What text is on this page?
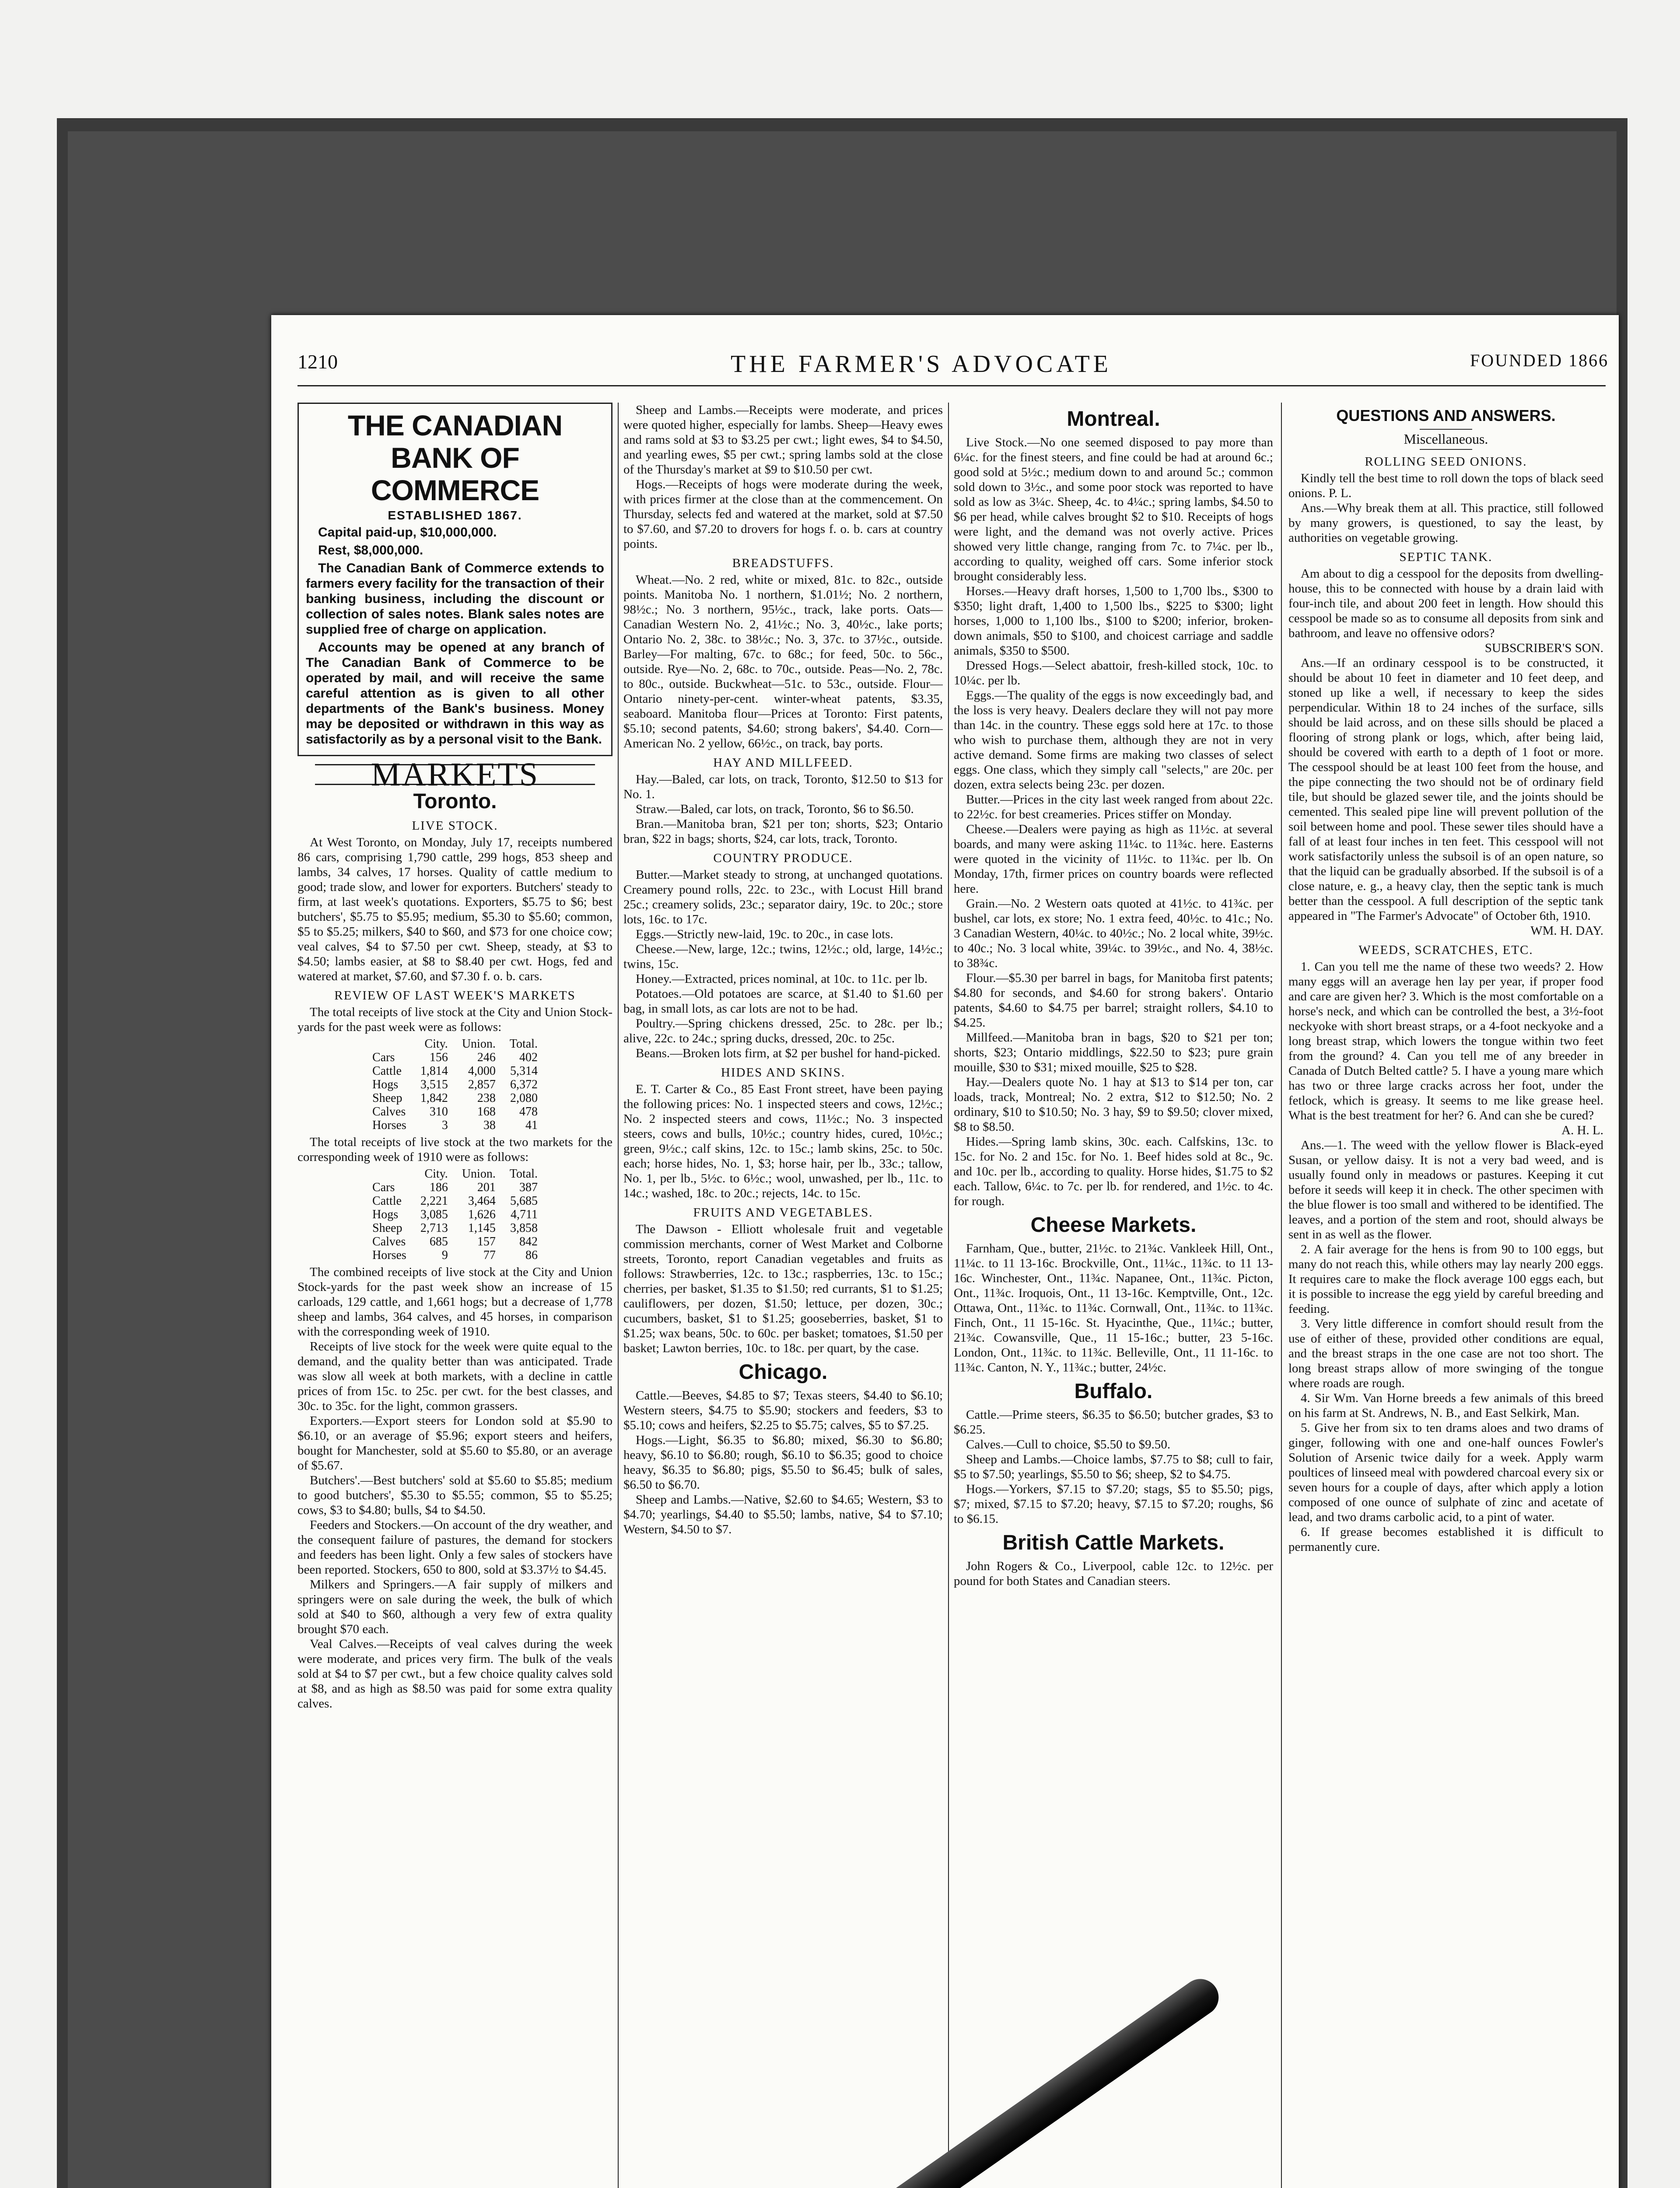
1210	THE FARMER'S ADVOCATE	FOUNDED 1866
THE CANADIAN BANK OF COMMERCE
ESTABLISHED 1867.

Capital paid-up, $10,000,000.

Rest, $8,000,000.

The Canadian Bank of Commerce extends to farmers every facility for the transaction of their banking business, including the discount or collection of sales notes. Blank sales notes are supplied free of charge on application.

Accounts may be opened at any branch of The Canadian Bank of Commerce to be operated by mail, and will receive the same careful attention as is given to all other departments of the Bank's business. Money may be deposited or withdrawn in this way as satisfactorily as by a personal visit to the Bank.

MARKETS
Toronto.
LIVE STOCK.

At West Toronto, on Monday, July 17, receipts numbered 86 cars, comprising 1,790 cattle, 299 hogs, 853 sheep and lambs, 34 calves, 17 horses. Quality of cattle medium to good; trade slow, and lower for exporters. Butchers' steady to firm, at last week's quotations. Exporters, $5.75 to $6; best butchers', $5.75 to $5.95; medium, $5.30 to $5.60; common, $5 to $5.25; milkers, $40 to $60, and $73 for one choice cow; veal calves, $4 to $7.50 per cwt. Sheep, steady, at $3 to $4.50; lambs easier, at $8 to $8.40 per cwt. Hogs, fed and watered at market, $7.60, and $7.30 f. o. b. cars.

REVIEW OF LAST WEEK'S MARKETS

The total receipts of live stock at the City and Union Stock-yards for the past week were as follows:

	City.	Union.	Total.
Cars	156	246	402
Cattle	1,814	4,000	5,314
Hogs	3,515	2,857	6,372
Sheep	1,842	238	2,080
Calves	310	168	478
Horses	3	38	41

The total receipts of live stock at the two markets for the corresponding week of 1910 were as follows:

	City.	Union.	Total.
Cars	186	201	387
Cattle	2,221	3,464	5,685
Hogs	3,085	1,626	4,711
Sheep	2,713	1,145	3,858
Calves	685	157	842
Horses	9	77	86

The combined receipts of live stock at the City and Union Stock-yards for the past week show an increase of 15 carloads, 129 cattle, and 1,661 hogs; but a decrease of 1,778 sheep and lambs, 364 calves, and 45 horses, in comparison with the corresponding week of 1910.

Receipts of live stock for the week were quite equal to the demand, and the quality better than was anticipated. Trade was slow all week at both markets, with a decline in cattle prices of from 15c. to 25c. per cwt. for the best classes, and 30c. to 35c. for the light, common grassers.

Exporters.—Export steers for London sold at $5.90 to $6.10, or an average of $5.96; export steers and heifers, bought for Manchester, sold at $5.60 to $5.80, or an average of $5.67.

Butchers'.—Best butchers' sold at $5.60 to $5.85; medium to good butchers', $5.30 to $5.55; common, $5 to $5.25; cows, $3 to $4.80; bulls, $4 to $4.50.

Feeders and Stockers.—On account of the dry weather, and the consequent failure of pastures, the demand for stockers and feeders has been light. Only a few sales of stockers have been reported. Stockers, 650 to 800, sold at $3.37½ to $4.45.

Milkers and Springers.—A fair supply of milkers and springers were on sale during the week, the bulk of which sold at $40 to $60, although a very few of extra quality brought $70 each.

Veal Calves.—Receipts of veal calves during the week were moderate, and prices very firm. The bulk of the veals sold at $4 to $7 per cwt., but a few choice quality calves sold at $8, and as high as $8.50 was paid for some extra quality calves.

Sheep and Lambs.—Receipts were moderate, and prices were quoted higher, especially for lambs. Sheep—Heavy ewes and rams sold at $3 to $3.25 per cwt.; light ewes, $4 to $4.50, and yearling ewes, $5 per cwt.; spring lambs sold at the close of the Thursday's market at $9 to $10.50 per cwt.

Hogs.—Receipts of hogs were moderate during the week, with prices firmer at the close than at the commencement. On Thursday, selects fed and watered at the market, sold at $7.50 to $7.60, and $7.20 to drovers for hogs f. o. b. cars at country points.

BREADSTUFFS.

Wheat.—No. 2 red, white or mixed, 81c. to 82c., outside points. Manitoba No. 1 northern, $1.01½; No. 2 northern, 98½c.; No. 3 northern, 95½c., track, lake ports. Oats—Canadian Western No. 2, 41½c.; No. 3, 40½c., lake ports; Ontario No. 2, 38c. to 38½c.; No. 3, 37c. to 37½c., outside. Barley—For malting, 67c. to 68c.; for feed, 50c. to 56c., outside. Rye—No. 2, 68c. to 70c., outside. Peas—No. 2, 78c. to 80c., outside. Buckwheat—51c. to 53c., outside. Flour—Ontario ninety-per-cent. winter-wheat patents, $3.35, seaboard. Manitoba flour—Prices at Toronto: First patents, $5.10; second patents, $4.60; strong bakers', $4.40. Corn—American No. 2 yellow, 66½c., on track, bay ports.

HAY AND MILLFEED.

Hay.—Baled, car lots, on track, Toronto, $12.50 to $13 for No. 1.

Straw.—Baled, car lots, on track, Toronto, $6 to $6.50.

Bran.—Manitoba bran, $21 per ton; shorts, $23; Ontario bran, $22 in bags; shorts, $24, car lots, track, Toronto.

COUNTRY PRODUCE.

Butter.—Market steady to strong, at unchanged quotations. Creamery pound rolls, 22c. to 23c., with Locust Hill brand 25c.; creamery solids, 23c.; separator dairy, 19c. to 20c.; store lots, 16c. to 17c.

Eggs.—Strictly new-laid, 19c. to 20c., in case lots.

Cheese.—New, large, 12c.; twins, 12½c.; old, large, 14½c.; twins, 15c.

Honey.—Extracted, prices nominal, at 10c. to 11c. per lb.

Potatoes.—Old potatoes are scarce, at $1.40 to $1.60 per bag, in small lots, as car lots are not to be had.

Poultry.—Spring chickens dressed, 25c. to 28c. per lb.; alive, 22c. to 24c.; spring ducks, dressed, 20c. to 25c.

Beans.—Broken lots firm, at $2 per bushel for hand-picked.

HIDES AND SKINS.

E. T. Carter & Co., 85 East Front street, have been paying the following prices: No. 1 inspected steers and cows, 12½c.; No. 2 inspected steers and cows, 11½c.; No. 3 inspected steers, cows and bulls, 10½c.; country hides, cured, 10½c.; green, 9½c.; calf skins, 12c. to 15c.; lamb skins, 25c. to 50c. each; horse hides, No. 1, $3; horse hair, per lb., 33c.; tallow, No. 1, per lb., 5½c. to 6½c.; wool, unwashed, per lb., 11c. to 14c.; washed, 18c. to 20c.; rejects, 14c. to 15c.

FRUITS AND VEGETABLES.

The Dawson - Elliott wholesale fruit and vegetable commission merchants, corner of West Market and Colborne streets, Toronto, report Canadian vegetables and fruits as follows: Strawberries, 12c. to 13c.; raspberries, 13c. to 15c.; cherries, per basket, $1.35 to $1.50; red currants, $1 to $1.25; cauliflowers, per dozen, $1.50; lettuce, per dozen, 30c.; cucumbers, basket, $1 to $1.25; gooseberries, basket, $1 to $1.25; wax beans, 50c. to 60c. per basket; tomatoes, $1.50 per basket; Lawton berries, 10c. to 18c. per quart, by the case.

Chicago.

Cattle.—Beeves, $4.85 to $7; Texas steers, $4.40 to $6.10; Western steers, $4.75 to $5.90; stockers and feeders, $3 to $5.10; cows and heifers, $2.25 to $5.75; calves, $5 to $7.25.

Hogs.—Light, $6.35 to $6.80; mixed, $6.30 to $6.80; heavy, $6.10 to $6.80; rough, $6.10 to $6.35; good to choice heavy, $6.35 to $6.80; pigs, $5.50 to $6.45; bulk of sales, $6.50 to $6.70.

Sheep and Lambs.—Native, $2.60 to $4.65; Western, $3 to $4.70; yearlings, $4.40 to $5.50; lambs, native, $4 to $7.10; Western, $4.50 to $7.

Montreal.

Live Stock.—No one seemed disposed to pay more than 6¼c. for the finest steers, and fine could be had at around 6c.; good sold at 5½c.; medium down to and around 5c.; common sold down to 3½c., and some poor stock was reported to have sold as low as 3¼c. Sheep, 4c. to 4¼c.; spring lambs, $4.50 to $6 per head, while calves brought $2 to $10. Receipts of hogs were light, and the demand was not overly active. Prices showed very little change, ranging from 7c. to 7¼c. per lb., according to quality, weighed off cars. Some inferior stock brought considerably less.

Horses.—Heavy draft horses, 1,500 to 1,700 lbs., $300 to $350; light draft, 1,400 to 1,500 lbs., $225 to $300; light horses, 1,000 to 1,100 lbs., $100 to $200; inferior, broken-down animals, $50 to $100, and choicest carriage and saddle animals, $350 to $500.

Dressed Hogs.—Select abattoir, fresh-killed stock, 10c. to 10¼c. per lb.

Eggs.—The quality of the eggs is now exceedingly bad, and the loss is very heavy. Dealers declare they will not pay more than 14c. in the country. These eggs sold here at 17c. to those who wish to purchase them, although they are not in very active demand. Some firms are making two classes of select eggs. One class, which they simply call "selects," are 20c. per dozen, extra selects being 23c. per dozen.

Butter.—Prices in the city last week ranged from about 22c. to 22½c. for best creameries. Prices stiffer on Monday.

Cheese.—Dealers were paying as high as 11½c. at several boards, and many were asking 11¼c. to 11¾c. here. Easterns were quoted in the vicinity of 11½c. to 11¾c. per lb. On Monday, 17th, firmer prices on country boards were reflected here.

Grain.—No. 2 Western oats quoted at 41½c. to 41¾c. per bushel, car lots, ex store; No. 1 extra feed, 40½c. to 41c.; No. 3 Canadian Western, 40¼c. to 40½c.; No. 2 local white, 39½c. to 40c.; No. 3 local white, 39¼c. to 39½c., and No. 4, 38½c. to 38¾c.

Flour.—$5.30 per barrel in bags, for Manitoba first patents; $4.80 for seconds, and $4.60 for strong bakers'. Ontario patents, $4.60 to $4.75 per barrel; straight rollers, $4.10 to $4.25.

Millfeed.—Manitoba bran in bags, $20 to $21 per ton; shorts, $23; Ontario middlings, $22.50 to $23; pure grain mouille, $30 to $31; mixed mouille, $25 to $28.

Hay.—Dealers quote No. 1 hay at $13 to $14 per ton, car loads, track, Montreal; No. 2 extra, $12 to $12.50; No. 2 ordinary, $10 to $10.50; No. 3 hay, $9 to $9.50; clover mixed, $8 to $8.50.

Hides.—Spring lamb skins, 30c. each. Calfskins, 13c. to 15c. for No. 2 and 15c. for No. 1. Beef hides sold at 8c., 9c. and 10c. per lb., according to quality. Horse hides, $1.75 to $2 each. Tallow, 6¼c. to 7c. per lb. for rendered, and 1½c. to 4c. for rough.

Cheese Markets.

Farnham, Que., butter, 21½c. to 21¾c. Vankleek Hill, Ont., 11¼c. to 11 13-16c. Brockville, Ont., 11¼c., 11¾c. to 11 13-16c. Winchester, Ont., 11¾c. Napanee, Ont., 11¾c. Picton, Ont., 11¾c. Iroquois, Ont., 11 13-16c. Kemptville, Ont., 12c. Ottawa, Ont., 11¾c. to 11¾c. Cornwall, Ont., 11¾c. to 11¾c. Finch, Ont., 11 15-16c. St. Hyacinthe, Que., 11¼c.; butter, 21¾c. Cowansville, Que., 11 15-16c.; butter, 23 5-16c. London, Ont., 11¾c. to 11¾c. Belleville, Ont., 11 11-16c. to 11¾c. Canton, N. Y., 11¾c.; butter, 24½c.

Buffalo.

Cattle.—Prime steers, $6.35 to $6.50; butcher grades, $3 to $6.25.

Calves.—Cull to choice, $5.50 to $9.50.

Sheep and Lambs.—Choice lambs, $7.75 to $8; cull to fair, $5 to $7.50; yearlings, $5.50 to $6; sheep, $2 to $4.75.

Hogs.—Yorkers, $7.15 to $7.20; stags, $5 to $5.50; pigs, $7; mixed, $7.15 to $7.20; heavy, $7.15 to $7.20; roughs, $6 to $6.15.

British Cattle Markets.

John Rogers & Co., Liverpool, cable 12c. to 12½c. per pound for both States and Canadian steers.

QUESTIONS AND ANSWERS.
Miscellaneous.
ROLLING SEED ONIONS.

Kindly tell the best time to roll down the tops of black seed onions. P. L.

Ans.—Why break them at all. This practice, still followed by many growers, is questioned, to say the least, by authorities on vegetable growing.

SEPTIC TANK.

Am about to dig a cesspool for the deposits from dwelling-house, this to be connected with house by a drain laid with four-inch tile, and about 200 feet in length. How should this cesspool be made so as to consume all deposits from sink and bathroom, and leave no offensive odors?

SUBSCRIBER'S SON.

Ans.—If an ordinary cesspool is to be constructed, it should be about 10 feet in diameter and 10 feet deep, and stoned up like a well, if necessary to keep the sides perpendicular. Within 18 to 24 inches of the surface, sills should be laid across, and on these sills should be placed a flooring of strong plank or logs, which, after being laid, should be covered with earth to a depth of 1 foot or more. The cesspool should be at least 100 feet from the house, and the pipe connecting the two should not be of ordinary field tile, but should be glazed sewer tile, and the joints should be cemented. This sealed pipe line will prevent pollution of the soil between home and pool. These sewer tiles should have a fall of at least four inches in ten feet. This cesspool will not work satisfactorily unless the subsoil is of an open nature, so that the liquid can be gradually absorbed. If the subsoil is of a close nature, e. g., a heavy clay, then the septic tank is much better than the cesspool. A full description of the septic tank appeared in "The Farmer's Advocate" of October 6th, 1910.

WM. H. DAY.

WEEDS, SCRATCHES, ETC.

1. Can you tell me the name of these two weeds? 2. How many eggs will an average hen lay per year, if proper food and care are given her? 3. Which is the most comfortable on a horse's neck, and which can be controlled the best, a 3½-foot neckyoke with short breast straps, or a 4-foot neckyoke and a long breast strap, which lowers the tongue within two feet from the ground? 4. Can you tell me of any breeder in Canada of Dutch Belted cattle? 5. I have a young mare which has two or three large cracks across her foot, under the fetlock, which is greasy. It seems to me like grease heel. What is the best treatment for her? 6. And can she be cured?

A. H. L.

Ans.—1. The weed with the yellow flower is Black-eyed Susan, or yellow daisy. It is not a very bad weed, and is usually found only in meadows or pastures. Keeping it cut before it seeds will keep it in check. The other specimen with the blue flower is too small and withered to be identified. The leaves, and a portion of the stem and root, should always be sent in as well as the flower.

2. A fair average for the hens is from 90 to 100 eggs, but many do not reach this, while others may lay nearly 200 eggs. It requires care to make the flock average 100 eggs each, but it is possible to increase the egg yield by careful breeding and feeding.

3. Very little difference in comfort should result from the use of either of these, provided other conditions are equal, and the breast straps in the one case are not too short. The long breast straps allow of more swinging of the tongue where roads are rough.

4. Sir Wm. Van Horne breeds a few animals of this breed on his farm at St. Andrews, N. B., and East Selkirk, Man.

5. Give her from six to ten drams aloes and two drams of ginger, following with one and one-half ounces Fowler's Solution of Arsenic twice daily for a week. Apply warm poultices of linseed meal with powdered charcoal every six or seven hours for a couple of days, after which apply a lotion composed of one ounce of sulphate of zinc and acetate of lead, and two drams carbolic acid, to a pint of water.

6. If grease becomes established it is difficult to permanently cure.
